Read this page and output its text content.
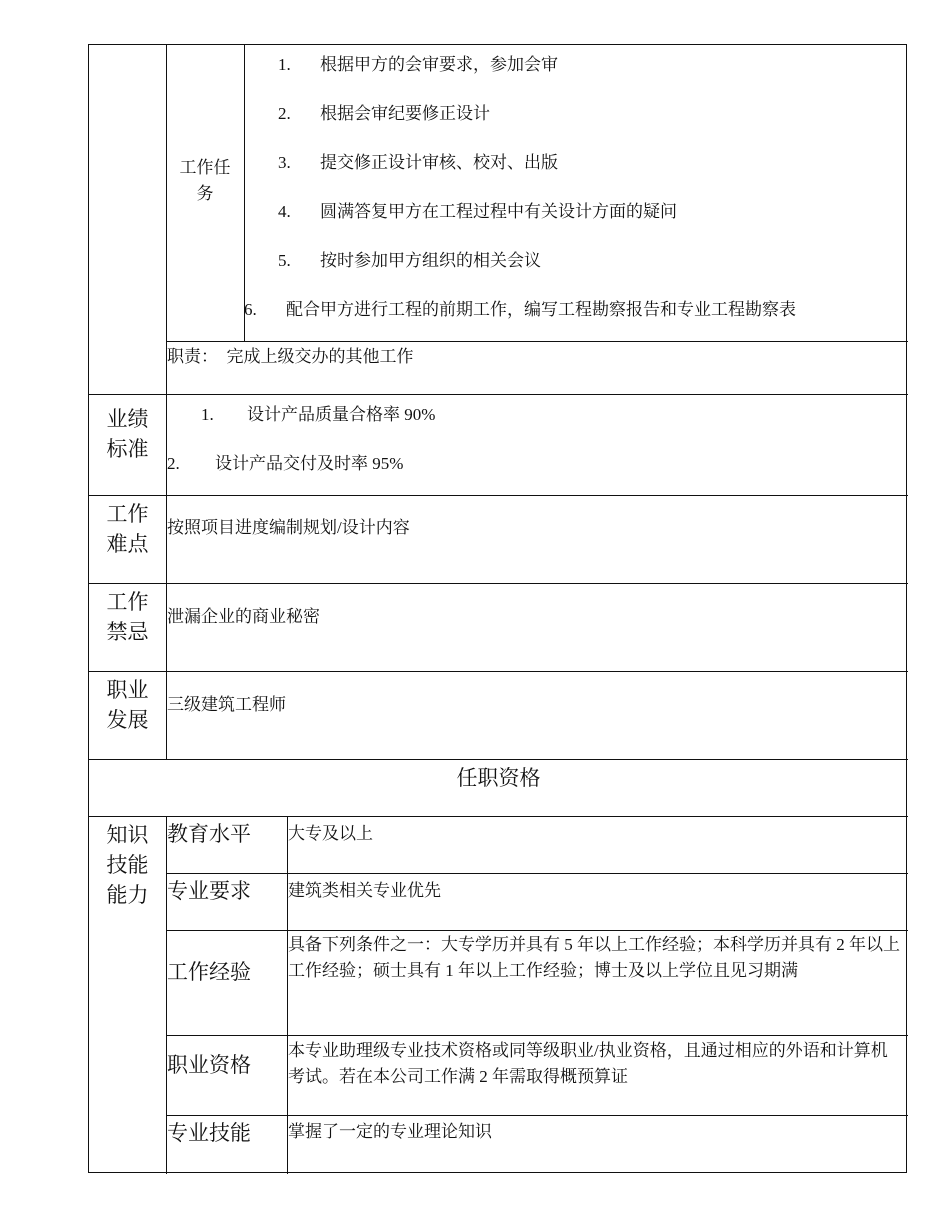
工作任
务
1. 根据甲方的会审要求，参加会审
2. 根据会审纪要修正设计
3. 提交修正设计审核、校对、出版
4. 圆满答复甲方在工程过程中有关设计方面的疑问
5. 按时参加甲方组织的相关会议
6. 配合甲方进行工程的前期工作，编写工程勘察报告和专业工程勘察表
职责：  完成上级交办的其他工作
业绩
标准
1. 设计产品质量合格率 90%
2. 设计产品交付及时率 95%
工作
难点
按照项目进度编制规划/设计内容
工作
禁忌
泄漏企业的商业秘密
职业
发展
三级建筑工程师
任职资格
知识
技能
能力
教育水平 大专及以上
专业要求 建筑类相关专业优先
工作经验
具备下列条件之一：大专学历并具有 5 年以上工作经验；本科学历并具有 2 年以上工作经验；硕士具有 1 年以上工作经验；博士及以上学位且见习期满
职业资格
本专业助理级专业技术资格或同等级职业/执业资格，且通过相应的外语和计算机考试。若在本公司工作满 2 年需取得概预算证
专业技能 掌握了一定的专业理论知识
